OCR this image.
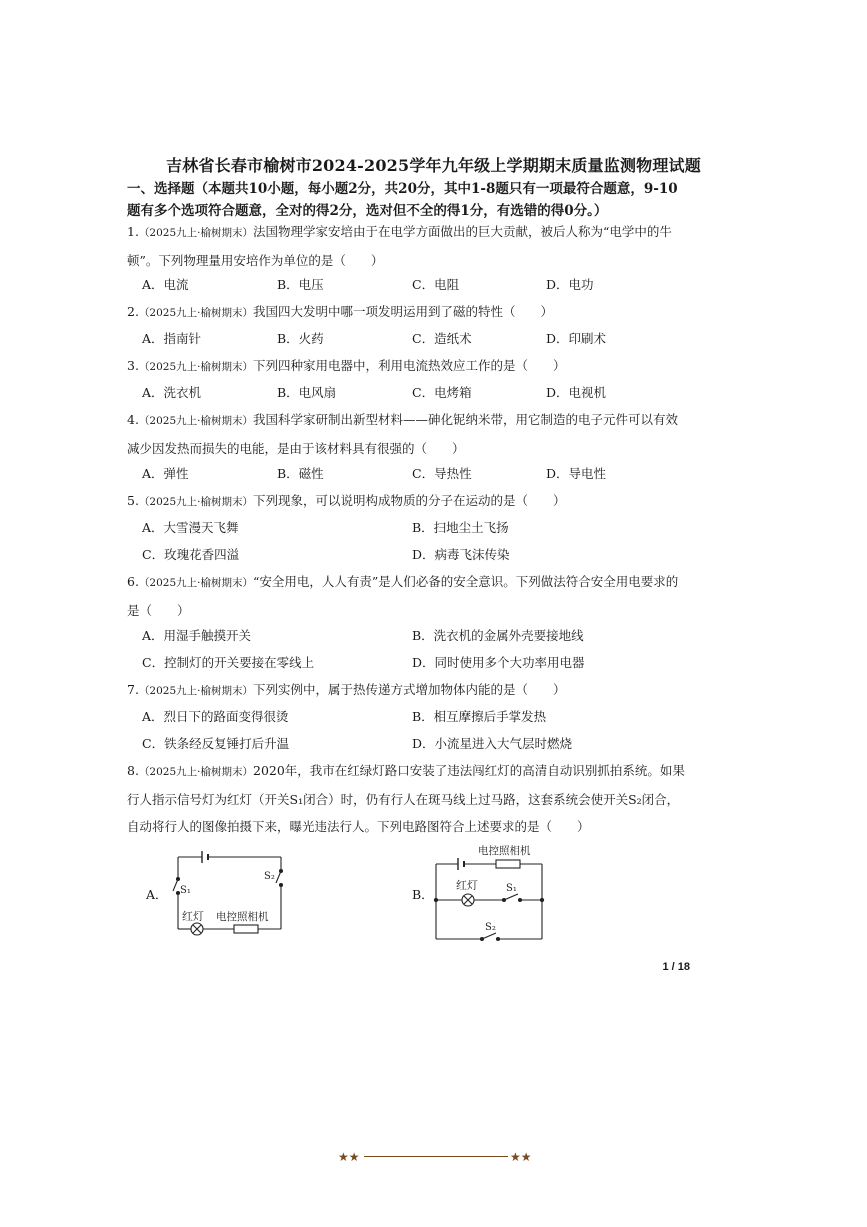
吉林省长春市榆树市2024-2025学年九年级上学期期末质量监测物理试题
一、选择题（本题共10小题，每小题2分，共20分，其中1-8题只有一项最符合题意，9-10题有多个选项符合题意，全对的得2分，选对但不全的得1分，有选错的得0分。）
1.（2025九上·榆树期末）法国物理学家安培由于在电学方面做出的巨大贡献，被后人称为“电学中的牛顿”。下列物理量用安培作为单位的是（　　）
A．电流	B．电压	C．电阻	D．电功
2.（2025九上·榆树期末）我国四大发明中哪一项发明运用到了磁的特性（　　）
A．指南针	B．火药	C．造纸术	D．印刷术
3.（2025九上·榆树期末）下列四种家用电器中，利用电流热效应工作的是（　　）
A．洗衣机	B．电风扇	C．电烤箱	D．电视机
4.（2025九上·榆树期末）我国科学家研制出新型材料——砷化铌纳米带，用它制造的电子元件可以有效减少因发热而损失的电能，是由于该材料具有很强的（　　）
A．弹性	B．磁性	C．导热性	D．导电性
5.（2025九上·榆树期末）下列现象，可以说明构成物质的分子在运动的是（　　）
A．大雪漫天飞舞	B．扫地尘土飞扬
C．玫瑰花香四溢	D．病毒飞沫传染
6.（2025九上·榆树期末）“安全用电，人人有责”是人们必备的安全意识。下列做法符合安全用电要求的是（　　）
A．用湿手触摸开关	B．洗衣机的金属外壳要接地线
C．控制灯的开关要接在零线上	D．同时使用多个大功率用电器
7.（2025九上·榆树期末）下列实例中，属于热传递方式增加物体内能的是（　　）
A．烈日下的路面变得很烫	B．相互摩擦后手掌发热
C．铁条经反复锤打后升温	D．小流星进入大气层时燃烧
8.（2025九上·榆树期末）2020年，我市在红绿灯路口安装了违法闯红灯的高清自动识别抓拍系统。如果行人指示信号灯为红灯（开关S₁闭合）时，仍有行人在斑马线上过马路，这套系统会使开关S₂闭合，自动将行人的图像拍摄下来，曝光违法行人。下列电路图符合上述要求的是（　　）
A． S₁
S₂
红灯 电控照相机
B．
电控照相机
红灯	S₁
S₂
1 / 18
★★	★★
